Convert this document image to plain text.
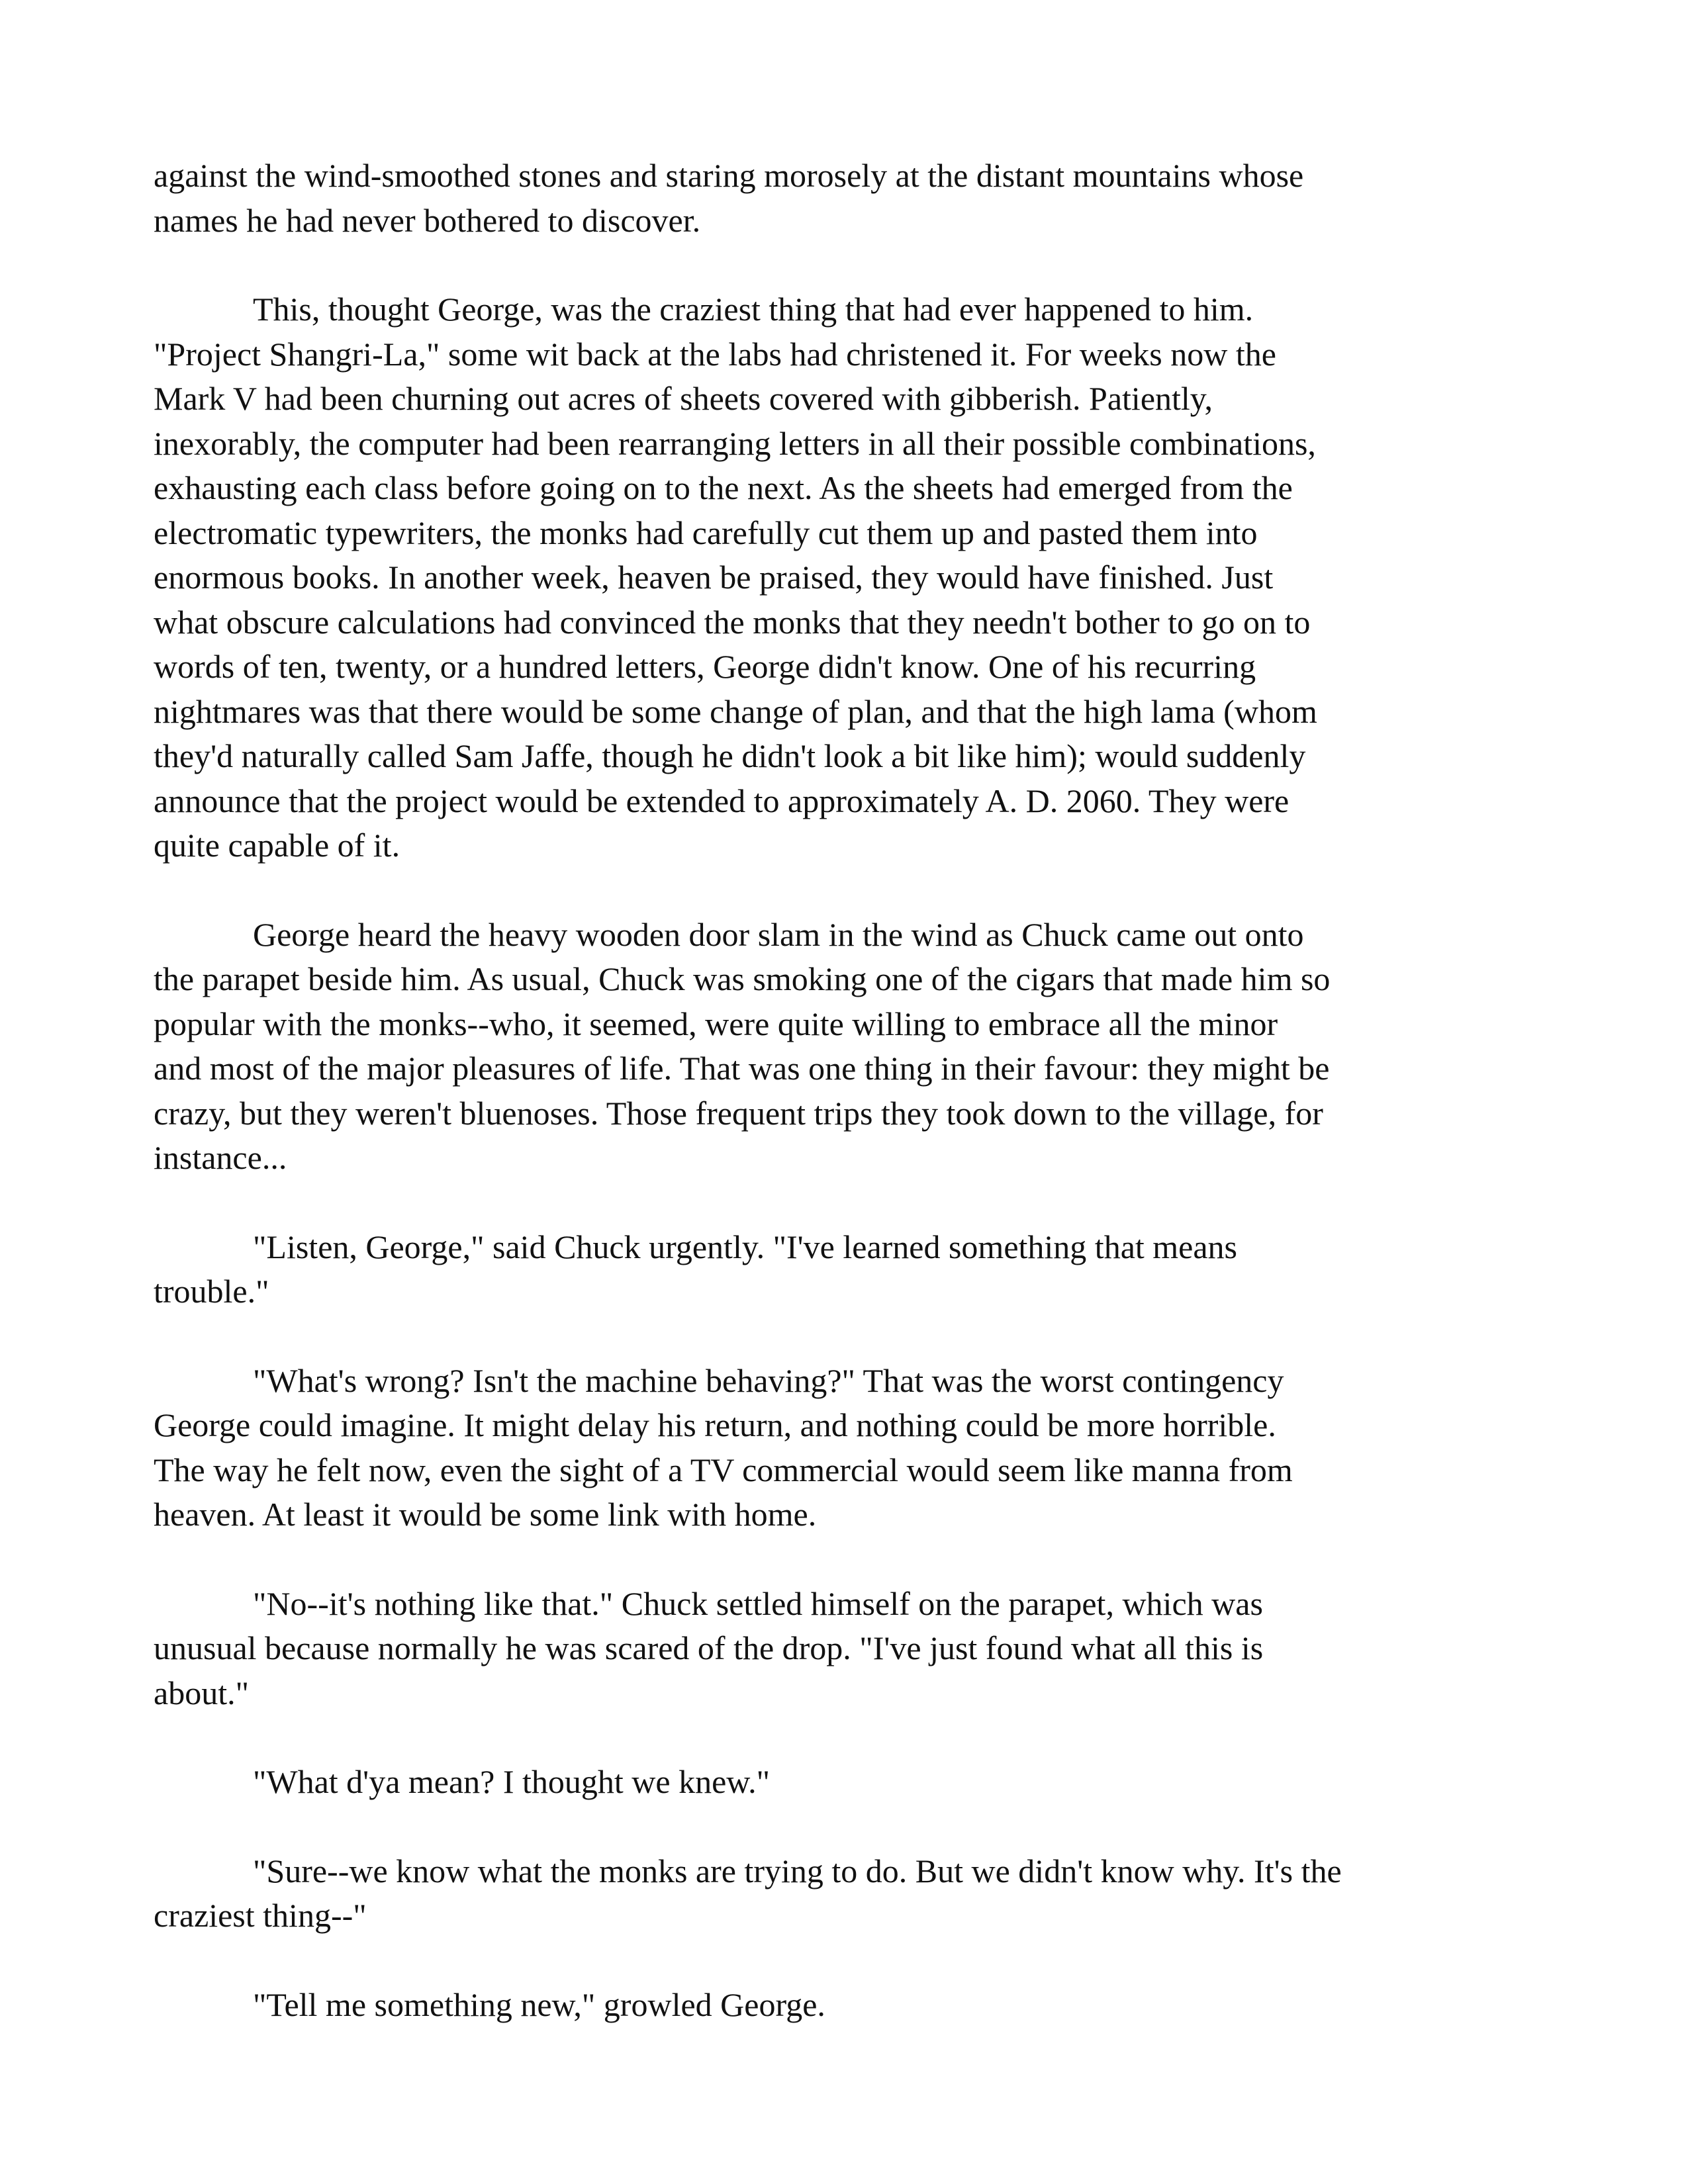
against the wind-smoothed stones and staring morosely at the distant mountains whose
names he had never bothered to discover.
This, thought George, was the craziest thing that had ever happened to him.
"Project Shangri-La," some wit back at the labs had christened it. For weeks now the
Mark V had been churning out acres of sheets covered with gibberish. Patiently,
inexorably, the computer had been rearranging letters in all their possible combinations,
exhausting each class before going on to the next. As the sheets had emerged from the
electromatic typewriters, the monks had carefully cut them up and pasted them into
enormous books. In another week, heaven be praised, they would have finished. Just
what obscure calculations had convinced the monks that they needn't bother to go on to
words of ten, twenty, or a hundred letters, George didn't know. One of his recurring
nightmares was that there would be some change of plan, and that the high lama (whom
they'd naturally called Sam Jaffe, though he didn't look a bit like him); would suddenly
announce that the project would be extended to approximately A. D. 2060. They were
quite capable of it.
George heard the heavy wooden door slam in the wind as Chuck came out onto
the parapet beside him. As usual, Chuck was smoking one of the cigars that made him so
popular with the monks--who, it seemed, were quite willing to embrace all the minor
and most of the major pleasures of life. That was one thing in their favour: they might be
crazy, but they weren't bluenoses. Those frequent trips they took down to the village, for
instance...
"Listen, George," said Chuck urgently. "I've learned something that means
trouble."
"What's wrong? Isn't the machine behaving?" That was the worst contingency
George could imagine. It might delay his return, and nothing could be more horrible.
The way he felt now, even the sight of a TV commercial would seem like manna from
heaven. At least it would be some link with home.
"No--it's nothing like that." Chuck settled himself on the parapet, which was
unusual because normally he was scared of the drop. "I've just found what all this is
about."
"What d'ya mean? I thought we knew."
"Sure--we know what the monks are trying to do. But we didn't know why. It's the
craziest thing--"
"Tell me something new," growled George.
